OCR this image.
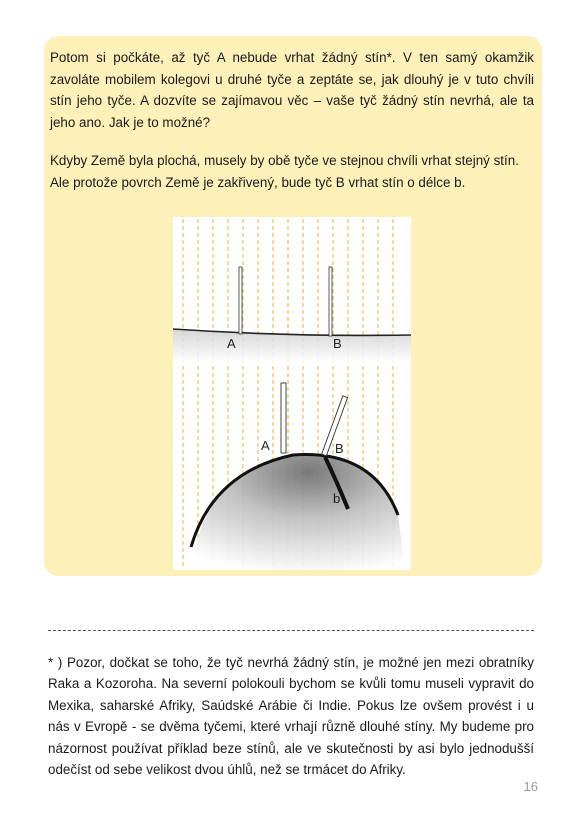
Potom si počkáte, až tyč A nebude vrhat žádný stín*. V ten samý okamžik zavoláte mobilem kolegovi u druhé tyče a zeptáte se, jak dlouhý je v tuto chvíli stín jeho tyče. A dozvíte se zajímavou věc – vaše tyč žádný stín nevrhá, ale ta jeho ano. Jak je to možné?

Kdyby Země byla plochá, musely by obě tyče ve stejnou chvíli vrhat stejný stín. Ale protože povrch Země je zakřivený, bude tyč B vrhat stín o délce b.

A	B
A	B
b

* ) Pozor, dočkat se toho, že tyč nevrhá žádný stín, je možné jen mezi obratníky Raka a Kozoroha. Na severní polokouli bychom se kvůli tomu museli vypravit do Mexika, saharské Afriky, Saúdské Arábie či Indie. Pokus lze ovšem provést i u nás v Evropě - se dvěma tyčemi, které vrhají různě dlouhé stíny. My budeme pro názornost používat příklad beze stínů, ale ve skutečnosti by asi bylo jednodušší odečíst od sebe velikost dvou úhlů, než se trmácet do Afriky.

16
